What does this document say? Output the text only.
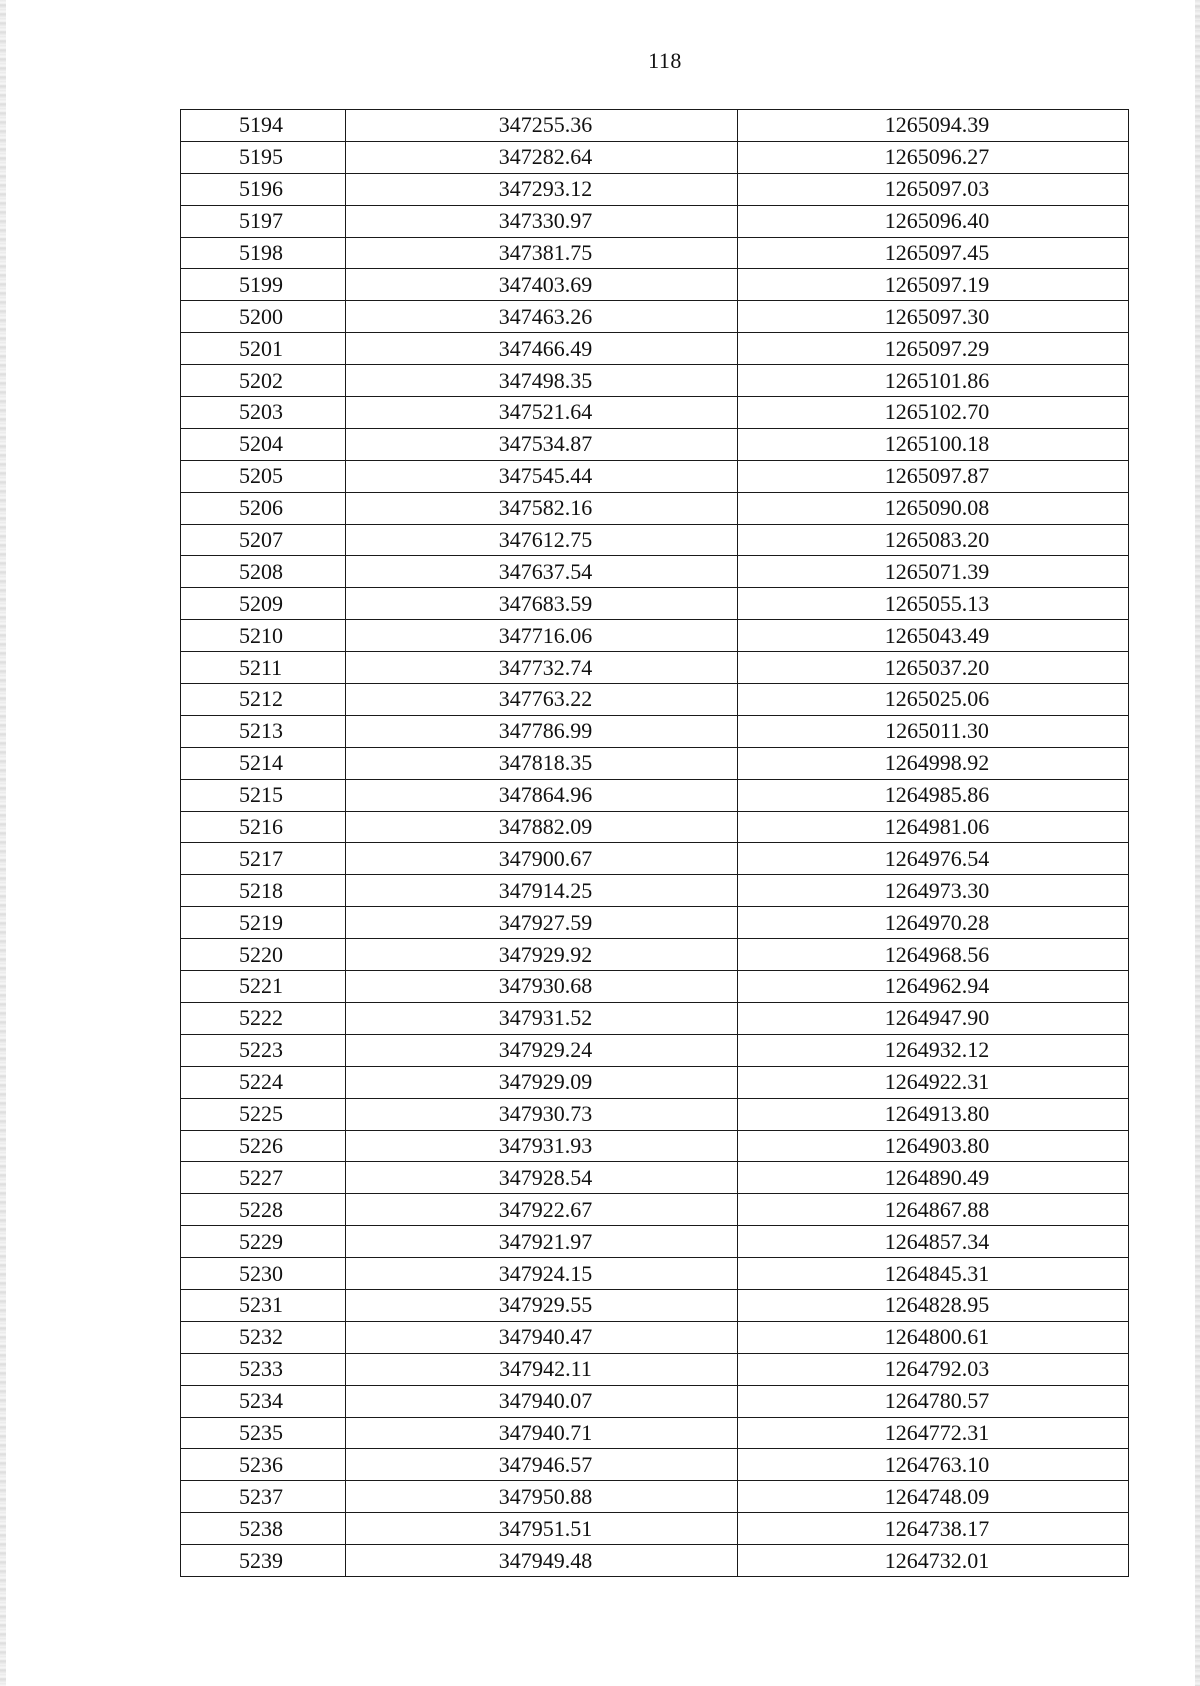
118
5194	347255.36	1265094.39
5195	347282.64	1265096.27
5196	347293.12	1265097.03
5197	347330.97	1265096.40
5198	347381.75	1265097.45
5199	347403.69	1265097.19
5200	347463.26	1265097.30
5201	347466.49	1265097.29
5202	347498.35	1265101.86
5203	347521.64	1265102.70
5204	347534.87	1265100.18
5205	347545.44	1265097.87
5206	347582.16	1265090.08
5207	347612.75	1265083.20
5208	347637.54	1265071.39
5209	347683.59	1265055.13
5210	347716.06	1265043.49
5211	347732.74	1265037.20
5212	347763.22	1265025.06
5213	347786.99	1265011.30
5214	347818.35	1264998.92
5215	347864.96	1264985.86
5216	347882.09	1264981.06
5217	347900.67	1264976.54
5218	347914.25	1264973.30
5219	347927.59	1264970.28
5220	347929.92	1264968.56
5221	347930.68	1264962.94
5222	347931.52	1264947.90
5223	347929.24	1264932.12
5224	347929.09	1264922.31
5225	347930.73	1264913.80
5226	347931.93	1264903.80
5227	347928.54	1264890.49
5228	347922.67	1264867.88
5229	347921.97	1264857.34
5230	347924.15	1264845.31
5231	347929.55	1264828.95
5232	347940.47	1264800.61
5233	347942.11	1264792.03
5234	347940.07	1264780.57
5235	347940.71	1264772.31
5236	347946.57	1264763.10
5237	347950.88	1264748.09
5238	347951.51	1264738.17
5239	347949.48	1264732.01
